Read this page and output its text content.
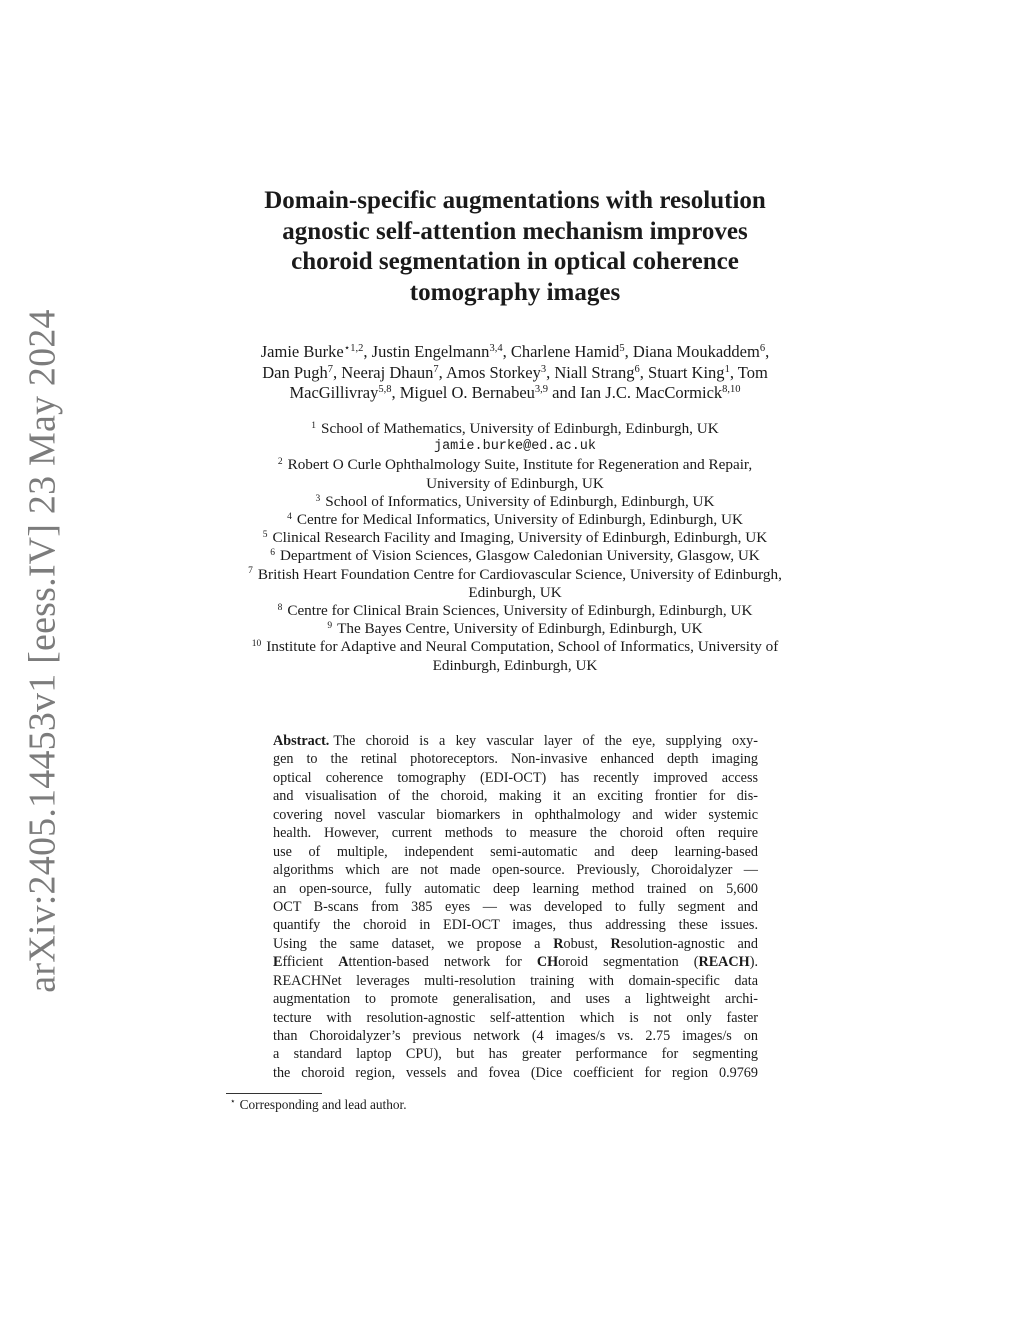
arXiv:2405.14453v1 [eess.IV] 23 May 2024
Domain-specific augmentations with resolution
agnostic self-attention mechanism improves
choroid segmentation in optical coherence
tomography images
Jamie Burke$^{⋆1,2}$, Justin Engelmann$^{3,4}$, Charlene Hamid$^5$, Diana Moukaddem$^6$,
Dan Pugh$^7$, Neeraj Dhaun$^7$, Amos Storkey$^3$, Niall Strang$^6$, Stuart King$^1$, Tom
MacGillivray$^{5,8}$, Miguel O. Bernabeu$^{3,9}$ and Ian J.C. MacCormick$^{8,10}$
$^1$ School of Mathematics, University of Edinburgh, Edinburgh, UK
jamie.burke@ed.ac.uk
$^2$ Robert O Curle Ophthalmology Suite, Institute for Regeneration and Repair,
University of Edinburgh, UK
$^3$ School of Informatics, University of Edinburgh, Edinburgh, UK
$^4$ Centre for Medical Informatics, University of Edinburgh, Edinburgh, UK
$^5$ Clinical Research Facility and Imaging, University of Edinburgh, Edinburgh, UK
$^6$ Department of Vision Sciences, Glasgow Caledonian University, Glasgow, UK
$^7$ British Heart Foundation Centre for Cardiovascular Science, University of Edinburgh,
Edinburgh, UK
$^8$ Centre for Clinical Brain Sciences, University of Edinburgh, Edinburgh, UK
$^9$ The Bayes Centre, University of Edinburgh, Edinburgh, UK
$^{10}$ Institute for Adaptive and Neural Computation, School of Informatics, University of
Edinburgh, Edinburgh, UK
Abstract. The choroid is a key vascular layer of the eye, supplying oxy-
gen to the retinal photoreceptors. Non-invasive enhanced depth imaging
optical coherence tomography (EDI-OCT) has recently improved access
and visualisation of the choroid, making it an exciting frontier for dis-
covering novel vascular biomarkers in ophthalmology and wider systemic
health. However, current methods to measure the choroid often require
use of multiple, independent semi-automatic and deep learning-based
algorithms which are not made open-source. Previously, Choroidalyzer —
an open-source, fully automatic deep learning method trained on 5,600
OCT B-scans from 385 eyes — was developed to fully segment and
quantify the choroid in EDI-OCT images, thus addressing these issues.
Using the same dataset, we propose a Robust, Resolution-agnostic and
Efficient Attention-based network for CHoroid segmentation (REACH).
REACHNet leverages multi-resolution training with domain-specific data
augmentation to promote generalisation, and uses a lightweight archi-
tecture with resolution-agnostic self-attention which is not only faster
than Choroidalyzer’s previous network (4 images/s vs. 2.75 images/s on
a standard laptop CPU), but has greater performance for segmenting
the choroid region, vessels and fovea (Dice coefficient for region 0.9769
⋆ Corresponding and lead author.
